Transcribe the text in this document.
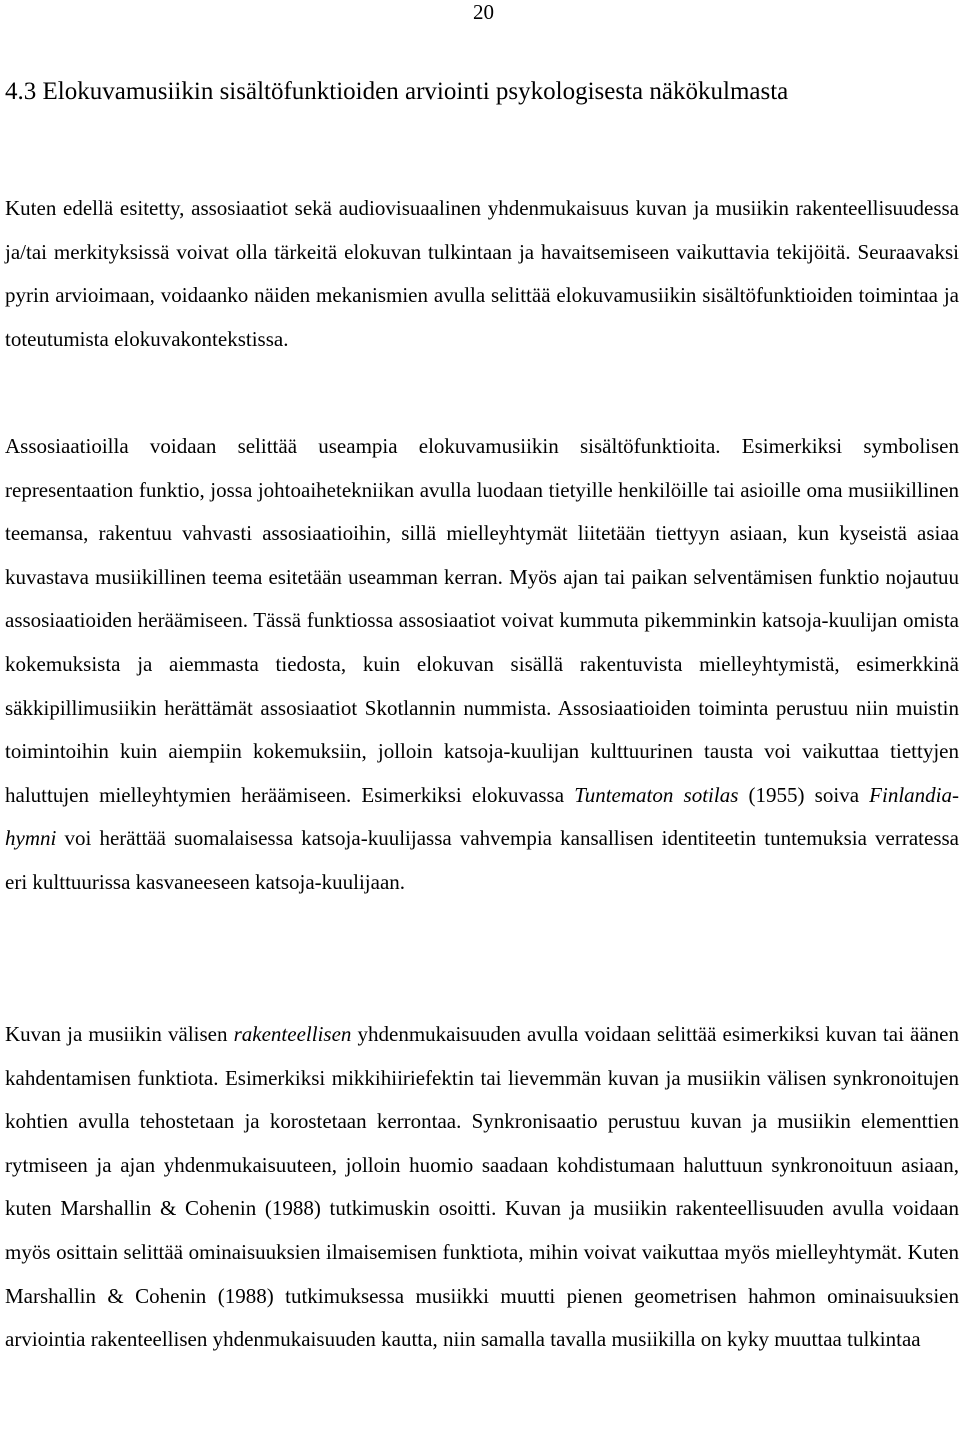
20
4.3 Elokuvamusiikin sisältöfunktioiden arviointi psykologisesta näkökulmasta

Kuten edellä esitetty, assosiaatiot sekä audiovisuaalinen yhdenmukaisuus kuvan ja musiikin rakenteellisuudessa ja/tai merkityksissä voivat olla tärkeitä elokuvan tulkintaan ja havaitsemiseen vaikuttavia tekijöitä. Seuraavaksi pyrin arvioimaan, voidaanko näiden mekanismien avulla selittää elokuvamusiikin sisältöfunktioiden toimintaa ja toteutumista elokuvakontekstissa.

Assosiaatioilla voidaan selittää useampia elokuvamusiikin sisältöfunktioita. Esimerkiksi symbolisen representaation funktio, jossa johtoaihetekniikan avulla luodaan tietyille henkilöille tai asioille oma musiikillinen teemansa, rakentuu vahvasti assosiaatioihin, sillä mielleyhtymät liitetään tiettyyn asiaan, kun kyseistä asiaa kuvastava musiikillinen teema esitetään useamman kerran. Myös ajan tai paikan selventämisen funktio nojautuu assosiaatioiden heräämiseen. Tässä funktiossa assosiaatiot voivat kummuta pikemminkin katsoja-kuulijan omista kokemuksista ja aiemmasta tiedosta, kuin elokuvan sisällä rakentuvista mielleyhtymistä, esimerkkinä säkkipillimusiikin herättämät assosiaatiot Skotlannin nummista. Assosiaatioiden toiminta perustuu niin muistin toimintoihin kuin aiempiin kokemuksiin, jolloin katsoja-kuulijan kulttuurinen tausta voi vaikuttaa tiettyjen haluttujen mielleyhtymien heräämiseen. Esimerkiksi elokuvassa Tuntematon sotilas (1955) soiva Finlandia-hymni voi herättää suomalaisessa katsoja-kuulijassa vahvempia kansallisen identiteetin tuntemuksia verratessa eri kulttuurissa kasvaneeseen katsoja-kuulijaan.

Kuvan ja musiikin välisen rakenteellisen yhdenmukaisuuden avulla voidaan selittää esimerkiksi kuvan tai äänen kahdentamisen funktiota. Esimerkiksi mikkihiiriefektin tai lievemmän kuvan ja musiikin välisen synkronoitujen kohtien avulla tehostetaan ja korostetaan kerrontaa. Synkronisaatio perustuu kuvan ja musiikin elementtien rytmiseen ja ajan yhdenmukaisuuteen, jolloin huomio saadaan kohdistumaan haluttuun synkronoituun asiaan, kuten Marshallin & Cohenin (1988) tutkimuskin osoitti. Kuvan ja musiikin rakenteellisuuden avulla voidaan myös osittain selittää ominaisuuksien ilmaisemisen funktiota, mihin voivat vaikuttaa myös mielleyhtymät. Kuten Marshallin & Cohenin (1988) tutkimuksessa musiikki muutti pienen geometrisen hahmon ominaisuuksien arviointia rakenteellisen yhdenmukaisuuden kautta, niin samalla tavalla musiikilla on kyky muuttaa tulkintaa
